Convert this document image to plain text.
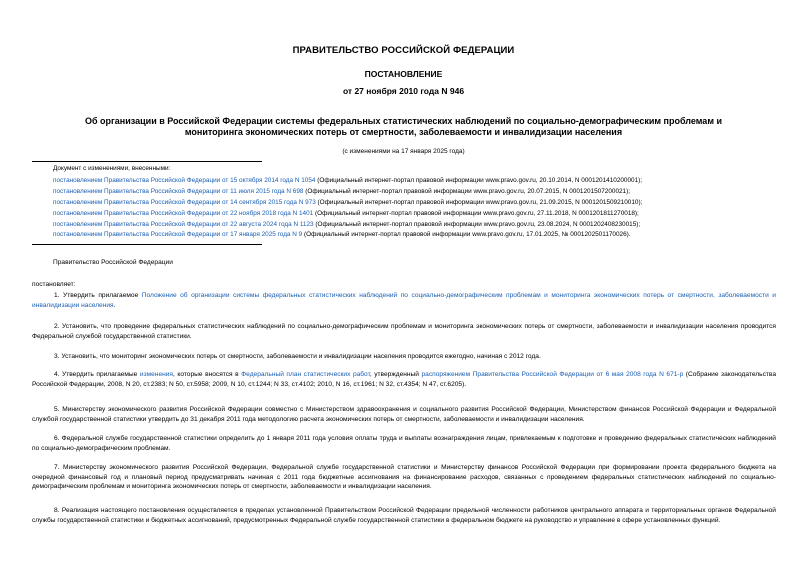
ПРАВИТЕЛЬСТВО РОССИЙСКОЙ ФЕДЕРАЦИИ
ПОСТАНОВЛЕНИЕ
от 27 ноября 2010 года N 946
Об организации в Российской Федерации системы федеральных статистических наблюдений по социально-демографическим проблемам и мониторинга экономических потерь от смертности, заболеваемости и инвалидизации населения
(с изменениями на 17 января 2025 года)
Документ с изменениями, внесенными:
постановлением Правительства Российской Федерации от 15 октября 2014 года N 1054 (Официальный интернет-портал правовой информации www.pravo.gov.ru, 20.10.2014, N 0001201410200001);
постановлением Правительства Российской Федерации от 11 июля 2015 года N 698 (Официальный интернет-портал правовой информации www.pravo.gov.ru, 20.07.2015, N 0001201507200021);
постановлением Правительства Российской Федерации от 14 сентября 2015 года N 973 (Официальный интернет-портал правовой информации www.pravo.gov.ru, 21.09.2015, N 0001201509210010);
постановлением Правительства Российской Федерации от 22 ноября 2018 года N 1401 (Официальный интернет-портал правовой информации www.pravo.gov.ru, 27.11.2018, N 0001201811270018);
постановлением Правительства Российской Федерации от 22 августа 2024 года N 1123 (Официальный интернет-портал правовой информации www.pravo.gov.ru, 23.08.2024, N 0001202408230015);
постановлением Правительства Российской Федерации от 17 января 2025 года N 9 (Официальный интернет-портал правовой информации www.pravo.gov.ru, 17.01.2025, № 0001202501170026).
Правительство Российской Федерации
постановляет:
1. Утвердить прилагаемое Положение об организации системы федеральных статистических наблюдений по социально-демографическим проблемам и мониторинга экономических потерь от смертности, заболеваемости и инвалидизации населения.
2. Установить, что проведение федеральных статистических наблюдений по социально-демографическим проблемам и мониторинга экономических потерь от смертности, заболеваемости и инвалидизации населения проводится Федеральной службой государственной статистики.
3. Установить, что мониторинг экономических потерь от смертности, заболеваемости и инвалидизации населения проводится ежегодно, начиная с 2012 года.
4. Утвердить прилагаемые изменения, которые вносятся в Федеральный план статистических работ, утвержденный распоряжением Правительства Российской Федерации от 6 мая 2008 года N 671-р (Собрание законодательства Российской Федерации, 2008, N 20, ст.2383; N 50, ст.5958; 2009, N 10, ст.1244; N 33, ст.4102; 2010, N 16, ст.1961; N 32, ст.4354; N 47, ст.6205).
5. Министерству экономического развития Российской Федерации совместно с Министерством здравоохранения и социального развития Российской Федерации, Министерством финансов Российской Федерации и Федеральной службой государственной статистики утвердить до 31 декабря 2011 года методологию расчета экономических потерь от смертности, заболеваемости и инвалидизации населения.
6. Федеральной службе государственной статистики определить до 1 января 2011 года условия оплаты труда и выплаты вознаграждения лицам, привлекаемым к подготовке и проведению федеральных статистических наблюдений по социально-демографическим проблемам.
7. Министерству экономического развития Российской Федерации, Федеральной службе государственной статистики и Министерству финансов Российской Федерации при формировании проекта федерального бюджета на очередной финансовый год и плановый период предусматривать начиная с 2011 года бюджетные ассигнования на финансирование расходов, связанных с проведением федеральных статистических наблюдений по социально-демографическим проблемам и мониторинга экономических потерь от смертности, заболеваемости и инвалидизации населения.
8. Реализация настоящего постановления осуществляется в пределах установленной Правительством Российской Федерации предельной численности работников центрального аппарата и территориальных органов Федеральной службы государственной статистики и бюджетных ассигнований, предусмотренных Федеральной службе государственной статистики в федеральном бюджете на руководство и управление в сфере установленных функций.
